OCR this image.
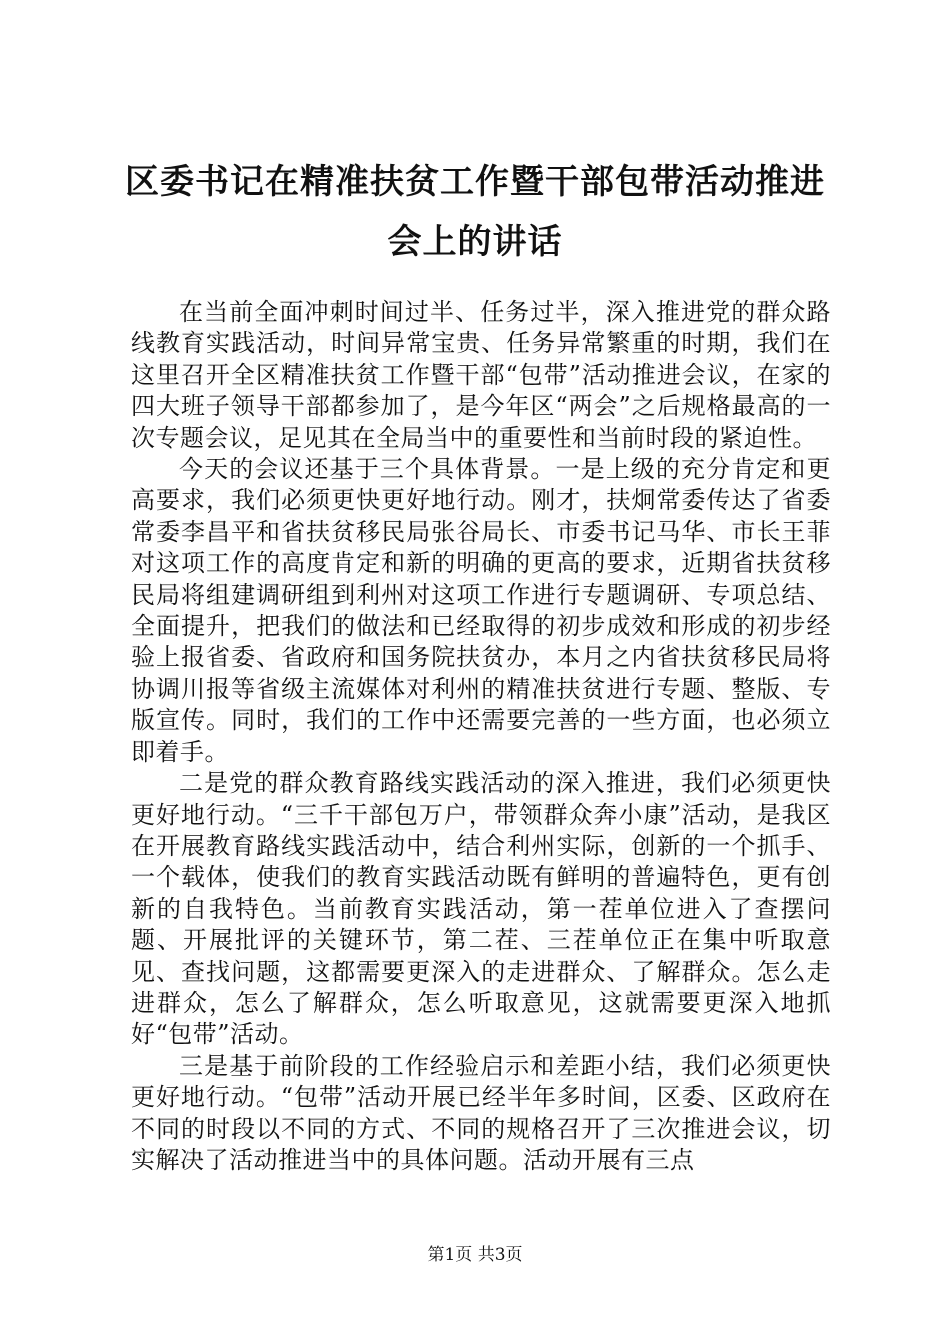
区委书记在精准扶贫工作暨干部包带活动推进
会上的讲话

在当前全面冲刺时间过半、任务过半，深入推进党的群众路线教育实践活动，时间异常宝贵、任务异常繁重的时期，我们在这里召开全区精准扶贫工作暨干部“包带”活动推进会议，在家的四大班子领导干部都参加了，是今年区“两会”之后规格最高的一次专题会议，足见其在全局当中的重要性和当前时段的紧迫性。

今天的会议还基于三个具体背景。一是上级的充分肯定和更高要求，我们必须更快更好地行动。刚才，扶炯常委传达了省委常委李昌平和省扶贫移民局张谷局长、市委书记马华、市长王菲对这项工作的高度肯定和新的明确的更高的要求，近期省扶贫移民局将组建调研组到利州对这项工作进行专题调研、专项总结、全面提升，把我们的做法和已经取得的初步成效和形成的初步经验上报省委、省政府和国务院扶贫办，本月之内省扶贫移民局将协调川报等省级主流媒体对利州的精准扶贫进行专题、整版、专版宣传。同时，我们的工作中还需要完善的一些方面，也必须立即着手。

二是党的群众教育路线实践活动的深入推进，我们必须更快更好地行动。“三千干部包万户，带领群众奔小康”活动，是我区在开展教育路线实践活动中，结合利州实际，创新的一个抓手、一个载体，使我们的教育实践活动既有鲜明的普遍特色，更有创新的自我特色。当前教育实践活动，第一茬单位进入了查摆问题、开展批评的关键环节，第二茬、三茬单位正在集中听取意见、查找问题，这都需要更深入的走进群众、了解群众。怎么走进群众，怎么了解群众，怎么听取意见，这就需要更深入地抓好“包带”活动。

三是基于前阶段的工作经验启示和差距小结，我们必须更快更好地行动。“包带”活动开展已经半年多时间，区委、区政府在不同的时段以不同的方式、不同的规格召开了三次推进会议，切实解决了活动推进当中的具体问题。活动开展有三点

第1页 共3页
